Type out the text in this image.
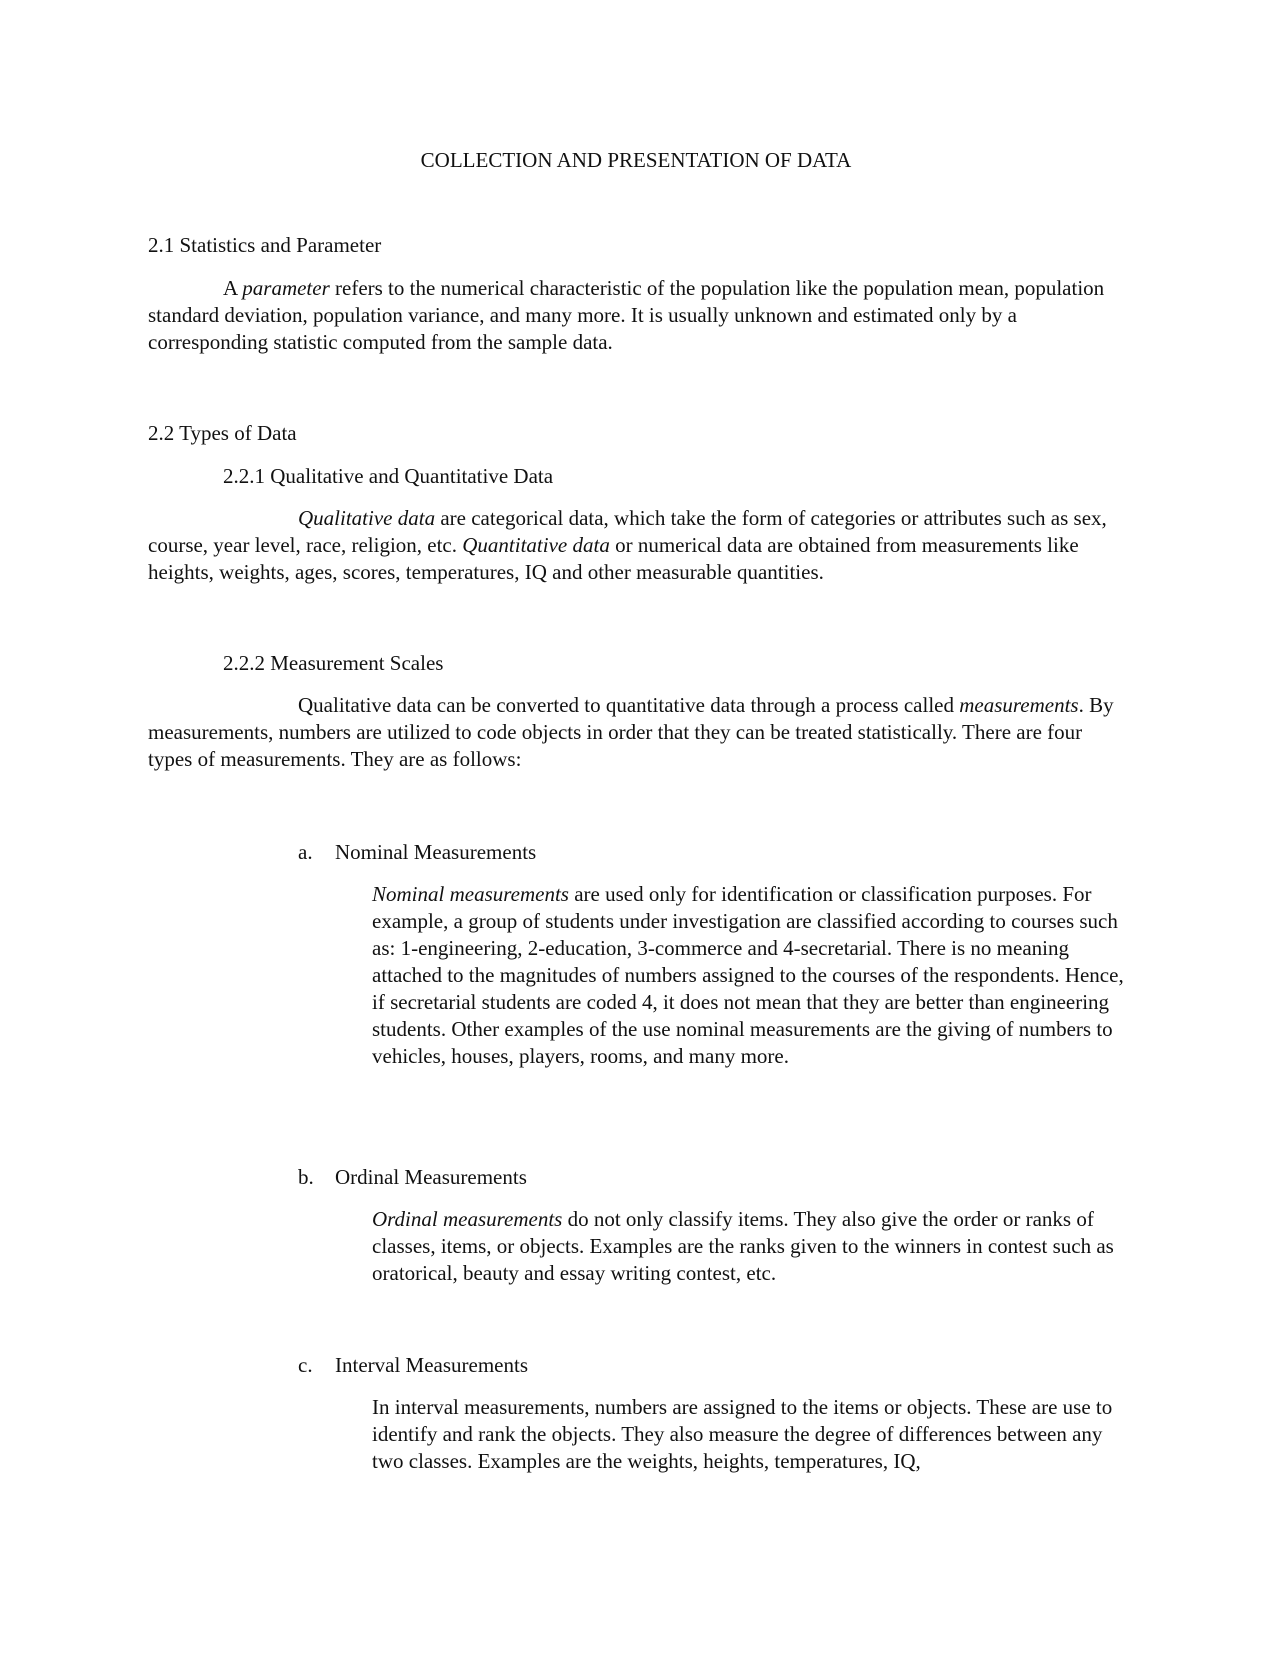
COLLECTION AND PRESENTATION OF DATA
2.1 Statistics and Parameter
A parameter refers to the numerical characteristic of the population like the population mean, population standard deviation, population variance, and many more. It is usually unknown and estimated only by a corresponding statistic computed from the sample data.
2.2 Types of Data
2.2.1 Qualitative and Quantitative Data
Qualitative data are categorical data, which take the form of categories or attributes such as sex, course, year level, race, religion, etc. Quantitative data or numerical data are obtained from measurements like heights, weights, ages, scores, temperatures, IQ and other measurable quantities.
2.2.2 Measurement Scales
Qualitative data can be converted to quantitative data through a process called measurements. By measurements, numbers are utilized to code objects in order that they can be treated statistically. There are four types of measurements. They are as follows:
a. Nominal Measurements
Nominal measurements are used only for identification or classification purposes. For example, a group of students under investigation are classified according to courses such as: 1-engineering, 2-education, 3-commerce and 4-secretarial. There is no meaning attached to the magnitudes of numbers assigned to the courses of the respondents. Hence, if secretarial students are coded 4, it does not mean that they are better than engineering students. Other examples of the use nominal measurements are the giving of numbers to vehicles, houses, players, rooms, and many more.
b. Ordinal Measurements
Ordinal measurements do not only classify items. They also give the order or ranks of classes, items, or objects. Examples are the ranks given to the winners in contest such as oratorical, beauty and essay writing contest, etc.
c. Interval Measurements
In interval measurements, numbers are assigned to the items or objects. These are use to identify and rank the objects. They also measure the degree of differences between any two classes. Examples are the weights, heights, temperatures, IQ,
